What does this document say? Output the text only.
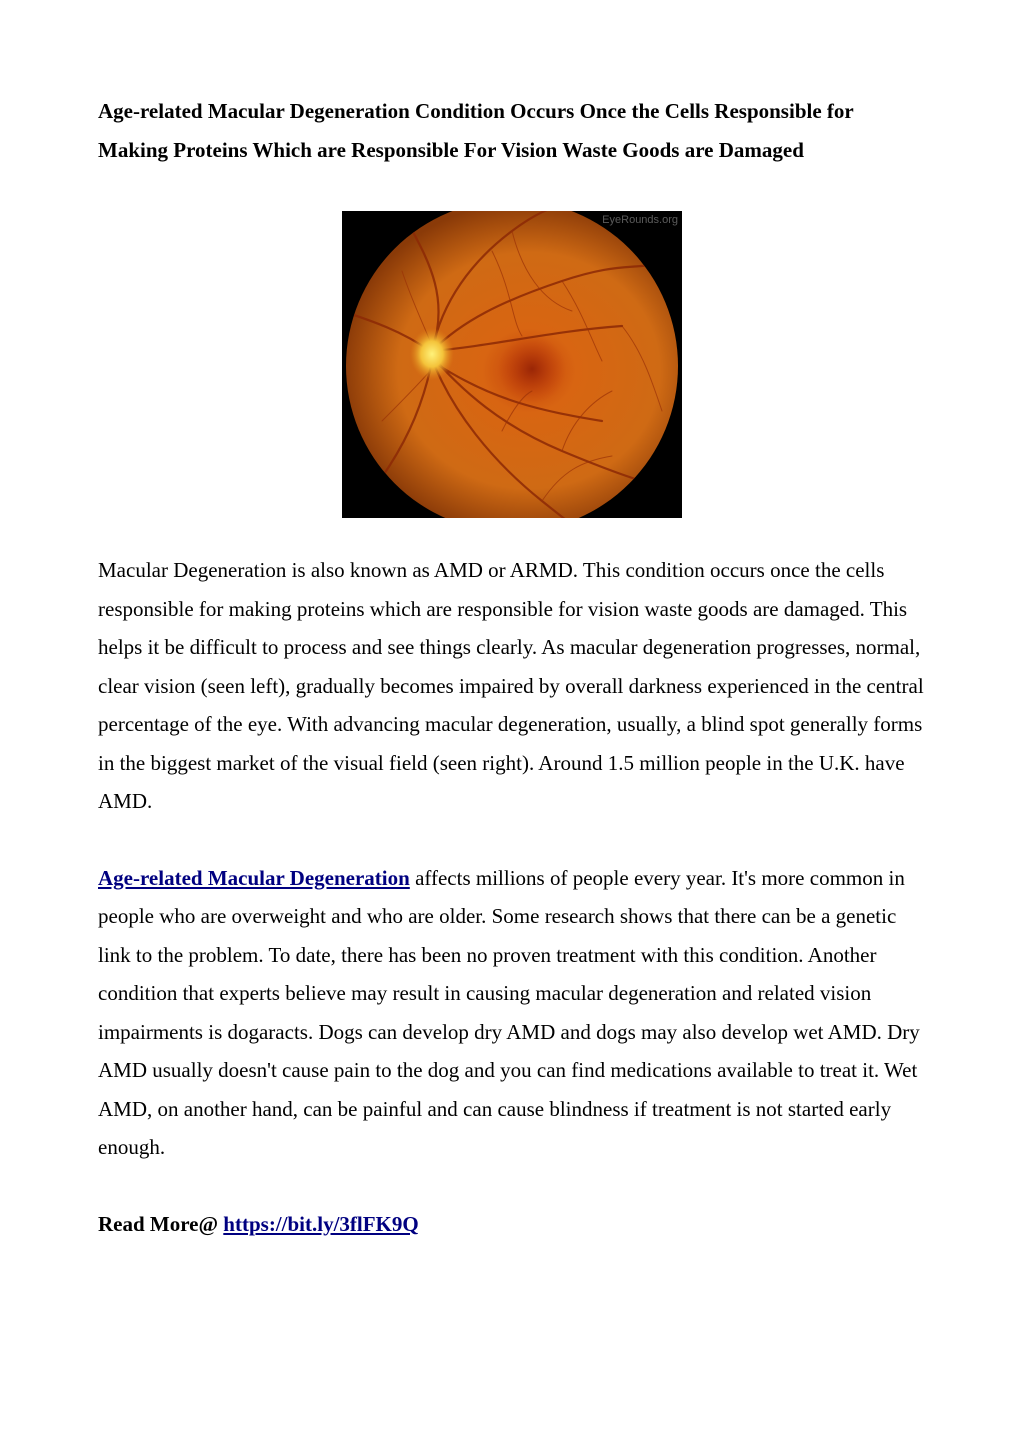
Age-related Macular Degeneration Condition Occurs Once the Cells Responsible for Making Proteins Which are Responsible For Vision Waste Goods are Damaged

EyeRounds.org

Macular Degeneration is also known as AMD or ARMD. This condition occurs once the cells responsible for making proteins which are responsible for vision waste goods are damaged. This helps it be difficult to process and see things clearly. As macular degeneration progresses, normal, clear vision (seen left), gradually becomes impaired by overall darkness experienced in the central percentage of the eye. With advancing macular degeneration, usually, a blind spot generally forms in the biggest market of the visual field (seen right). Around 1.5 million people in the U.K. have AMD.

Age-related Macular Degeneration affects millions of people every year. It's more common in people who are overweight and who are older. Some research shows that there can be a genetic link to the problem. To date, there has been no proven treatment with this condition. Another condition that experts believe may result in causing macular degeneration and related vision impairments is dogaracts. Dogs can develop dry AMD and dogs may also develop wet AMD. Dry AMD usually doesn't cause pain to the dog and you can find medications available to treat it. Wet AMD, on another hand, can be painful and can cause blindness if treatment is not started early enough.

Read More@ https://bit.ly/3flFK9Q
